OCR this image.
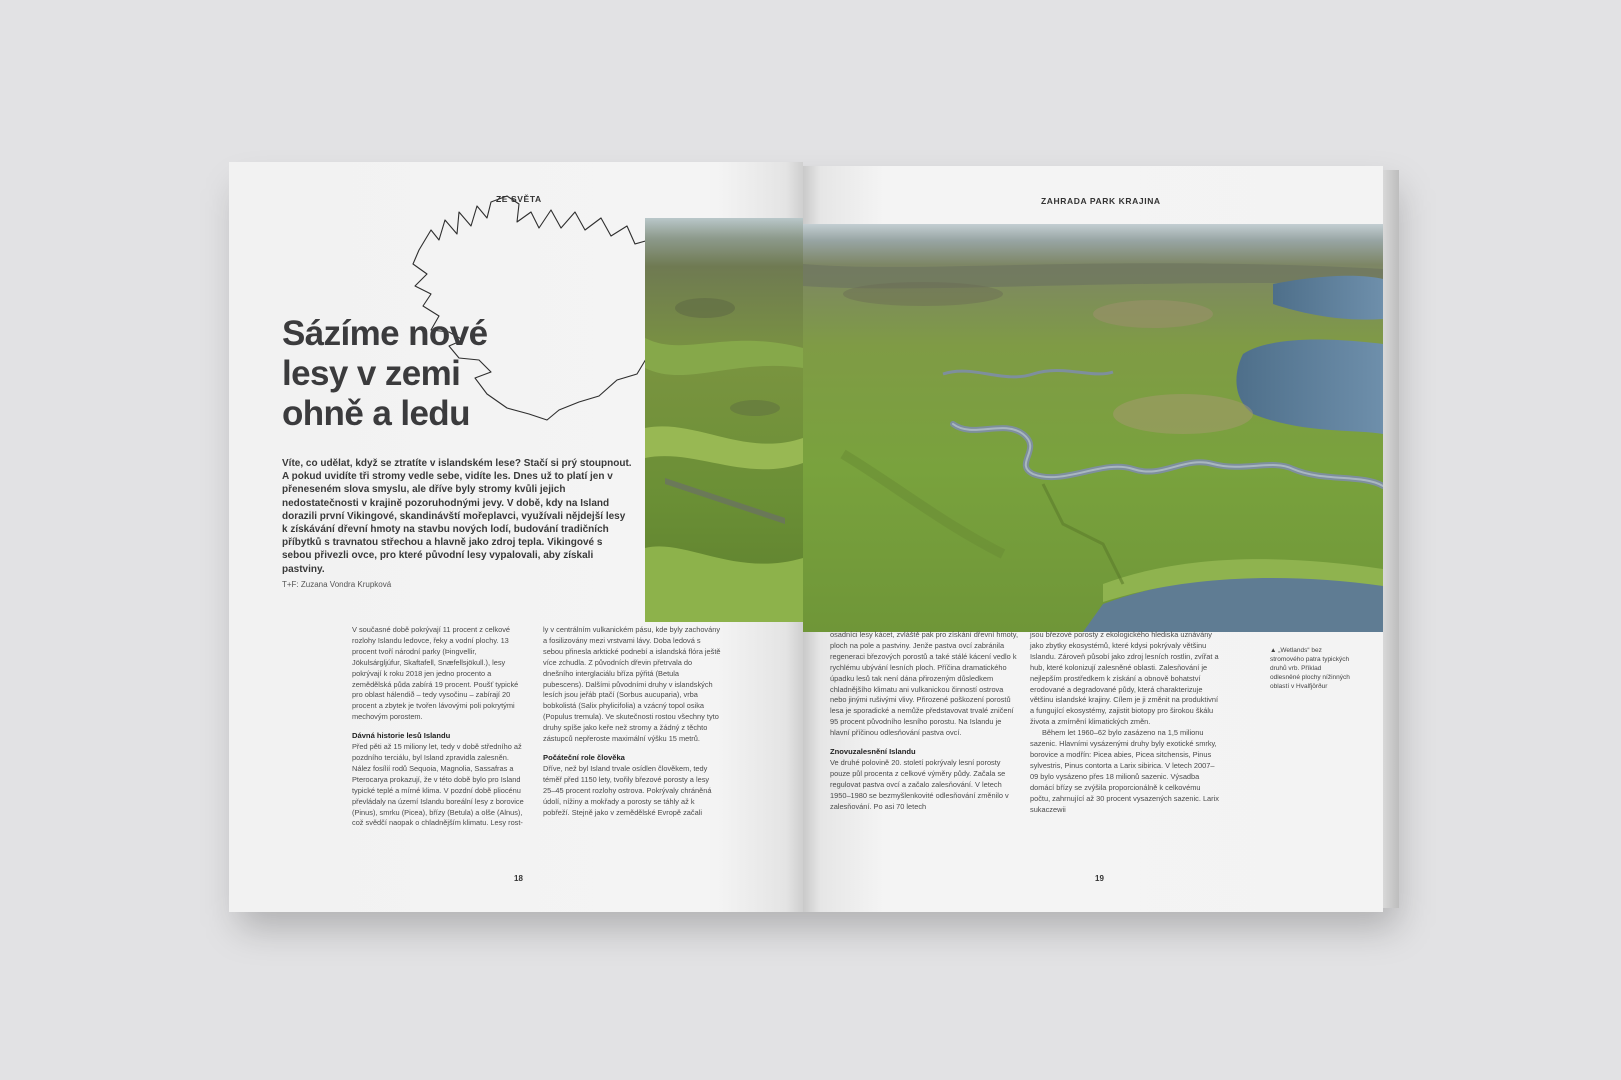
ZE SVĚTA
Sázíme nové
lesy v zemi
ohně a ledu

Víte, co udělat, když se ztratíte v islandském lese? Stačí si prý stoupnout. A pokud uvidíte tři stromy vedle sebe, vidíte les. Dnes už to platí jen v přeneseném slova smyslu, ale dříve byly stromy kvůli jejich nedostatečnosti v krajině pozoruhodnými jevy. V době, kdy na Island dorazili první Vikingové, skandinávští mořeplavci, využívali nějdejší lesy k získávání dřevní hmoty na stavbu nových lodí, budování tradičních příbytků s travnatou střechou a hlavně jako zdroj tepla. Vikingové s sebou přivezli ovce, pro které původní lesy vypalovali, aby získali pastviny.

T+F: Zuzana Vondra Krupková

V současné době pokrývají 11 procent z celkové rozlohy Islandu ledovce, řeky a vodní plochy. 13 procent tvoří národní parky (Þingvellir, Jökulsárgljúfur, Skaftafell, Snæfellsjökull.), lesy pokrývají k roku 2018 jen jedno procento a zemědělská půda zabírá 19 procent. Poušť typické pro oblast hálendið – tedy vysočinu – zabírají 20 procent a zbytek je tvořen lávovými poli pokrytými mechovým porostem.

Dávná historie lesů Islandu

Před pěti až 15 miliony let, tedy v době středního až pozdního terciálu, byl Island zpravidla zalesněn. Nález fosílií rodů Sequoia, Magnolia, Sassafras a Pterocarya prokazují, že v této době bylo pro Island typické teplé a mírné klima. V pozdní době pliocénu převládaly na území Islandu boreální lesy z borovice (Pinus), smrku (Picea), břízy (Betula) a olše (Alnus), což svědčí naopak o chladnějším klimatu. Lesy rost-

ly v centrálním vulkanickém pásu, kde byly zachovány a fosilizovány mezi vrstvami lávy. Doba ledová s sebou přinesla arktické podnebí a islandská flóra ještě více zchudla. Z původních dřevin přetrvala do dnešního interglaciálu bříza pýřitá (Betula pubescens). Dalšími původními druhy v islandských lesích jsou jeřáb ptačí (Sorbus aucuparia), vrba bobkolistá (Salix phylicifolia) a vzácný topol osika (Populus tremula). Ve skutečnosti rostou všechny tyto druhy spíše jako keře než stromy a žádný z těchto zástupců nepřeroste maximální výšku 15 metrů.

Počáteční role člověka

Dříve, než byl Island trvale osídlen člověkem, tedy téměř před 1150 lety, tvořily březové porosty a lesy 25–45 procent rozlohy ostrova. Pokrývaly chráněná údolí, nížiny a mokřady a porosty se táhly až k pobřeží. Stejně jako v zemědělské Evropě začali

18
ZAHRADA PARK KRAJINA

osadníci lesy kácet, zvláště pak pro získání dřevní hmoty, ploch na pole a pastviny. Jenže pastva ovcí zabránila regeneraci březových porostů a také stálé kácení vedlo k rychlému ubývání lesních ploch. Příčina dramatického úpadku lesů tak není dána přirozeným důsledkem chladnějšího klimatu ani vulkanickou činností ostrova nebo jinými rušivými vlivy. Přirozené poškození porostů lesa je sporadické a nemůže představovat trvalé zničení 95 procent původního lesního porostu. Na Islandu je hlavní příčinou odlesňování pastva ovcí.

Znovuzalesnění Islandu

Ve druhé polovině 20. století pokrývaly lesní porosty pouze půl procenta z celkové výměry půdy. Začala se regulovat pastva ovcí a začalo zalesňování. V letech 1950–1980 se bezmyšlenkovité odlesňování změnilo v zalesňování. Po asi 70 letech

jsou březové porosty z ekologického hlediska uznávány jako zbytky ekosystémů, které kdysi pokrývaly většinu Islandu. Zároveň působí jako zdroj lesních rostlin, zvířat a hub, které kolonizují zalesněné oblasti. Zalesňování je nejlepším prostředkem k získání a obnově bohatství erodované a degradované půdy, která charakterizuje většinu islandské krajiny. Cílem je ji změnit na produktivní a fungující ekosystémy, zajistit biotopy pro širokou škálu života a zmírnění klimatických změn.

Během let 1960–62 bylo zasázeno na 1,5 milionu sazenic. Hlavními vysázenými druhy byly exotické smrky, borovice a modřín: Picea abies, Picea sitchensis, Pinus sylvestris, Pinus contorta a Larix sibirica. V letech 2007–09 bylo vysázeno přes 18 milionů sazenic. Výsadba domácí břízy se zvýšila proporcionálně k celkovému počtu, zahrnující až 30 procent vysazených sazenic. Larix sukaczewii

19
▲ „Wetlands“ bez stromového patra typických druhů vrb. Příklad odlesněné plochy nížinných oblastí v Hvalfjörður
